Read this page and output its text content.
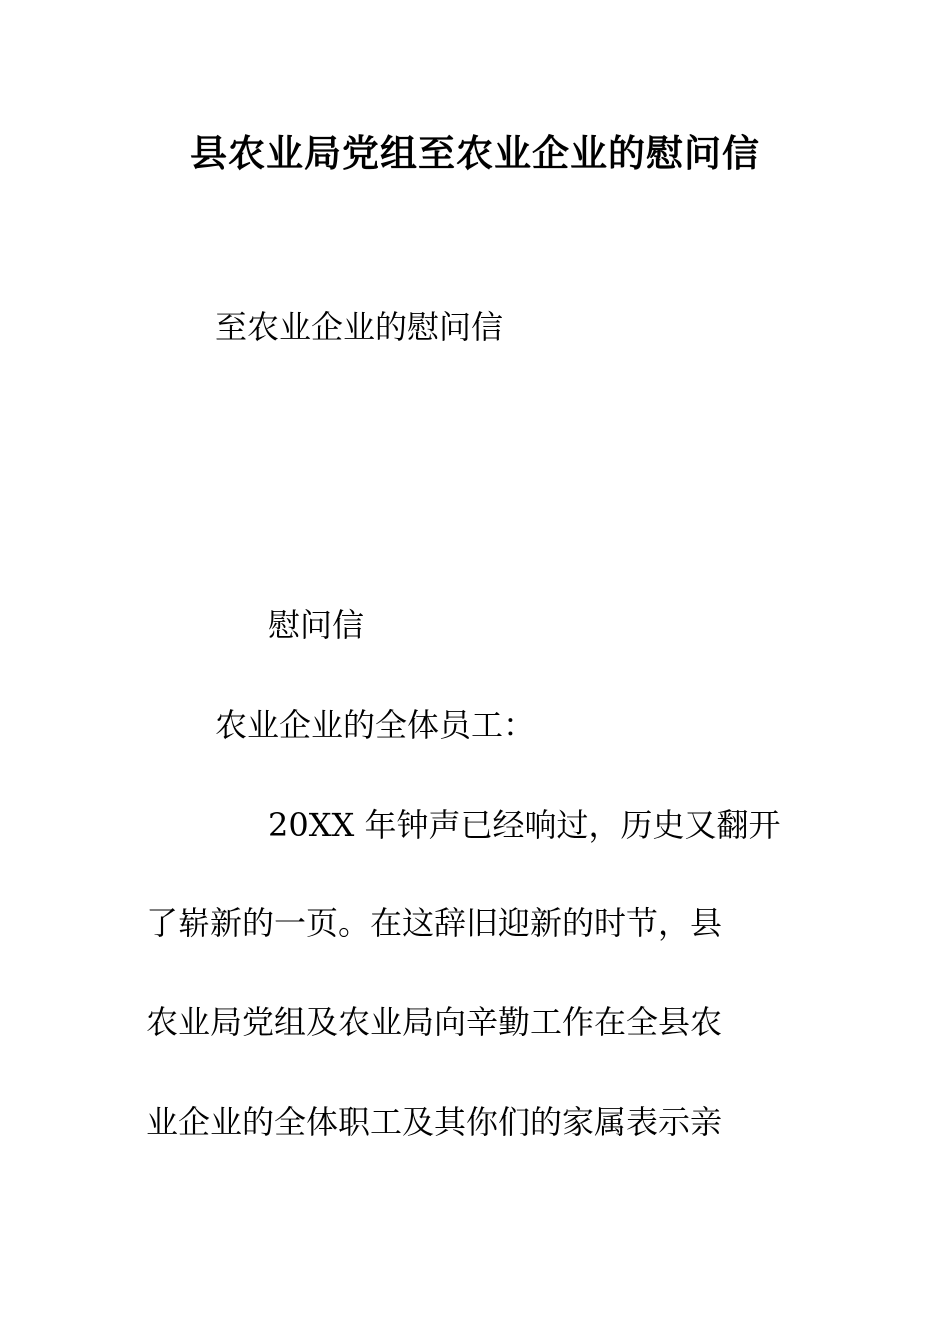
县农业局党组至农业企业的慰问信
至农业企业的慰问信
慰问信
农业企业的全体员工：
20XX 年钟声已经响过，历史又翻开
了崭新的一页。在这辞旧迎新的时节，县
农业局党组及农业局向辛勤工作在全县农
业企业的全体职工及其你们的家属表示亲
